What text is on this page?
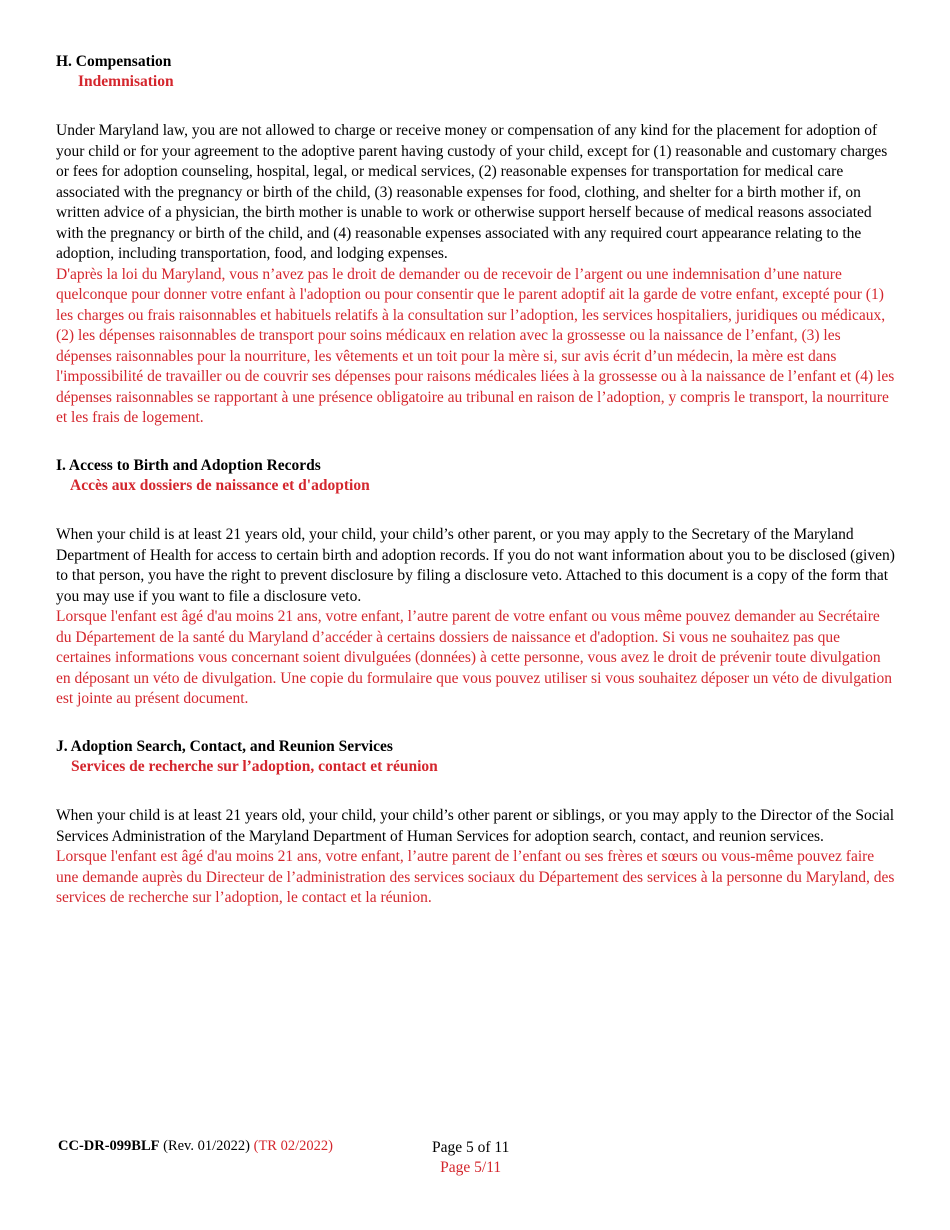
H. Compensation

Indemnisation

Under Maryland law, you are not allowed to charge or receive money or compensation of any kind for the placement for adoption of your child or for your agreement to the adoptive parent having custody of your child, except for (1) reasonable and customary charges or fees for adoption counseling, hospital, legal, or medical services, (2) reasonable expenses for transportation for medical care associated with the pregnancy or birth of the child, (3) reasonable expenses for food, clothing, and shelter for a birth mother if, on written advice of a physician, the birth mother is unable to work or otherwise support herself because of medical reasons associated with the pregnancy or birth of the child, and (4) reasonable expenses associated with any required court appearance relating to the adoption, including transportation, food, and lodging expenses.

D'après la loi du Maryland, vous n’avez pas le droit de demander ou de recevoir de l’argent ou une indemnisation d’une nature quelconque pour donner votre enfant à l'adoption ou pour consentir que le parent adoptif ait la garde de votre enfant, excepté pour (1) les charges ou frais raisonnables et habituels relatifs à la consultation sur l’adoption, les services hospitaliers, juridiques ou médicaux,(2) les dépenses raisonnables de transport pour soins médicaux en relation avec la grossesse ou la naissance de l’enfant, (3) les dépenses raisonnables pour la nourriture, les vêtements et un toit pour la mère si, sur avis écrit d’un médecin, la mère est dans l'impossibilité de travailler ou de couvrir ses dépenses pour raisons médicales liées à la grossesse ou à la naissance de l’enfant et (4) les dépenses raisonnables se rapportant à une présence obligatoire au tribunal en raison de l’adoption, y compris le transport, la nourriture et les frais de logement.

I. Access to Birth and Adoption Records

Accès aux dossiers de naissance et d'adoption

When your child is at least 21 years old, your child, your child’s other parent, or you may apply to the Secretary of the Maryland Department of Health for access to certain birth and adoption records. If you do not want information about you to be disclosed (given) to that person, you have the right to prevent disclosure by filing a disclosure veto. Attached to this document is a copy of the form that you may use if you want to file a disclosure veto.

Lorsque l'enfant est âgé d'au moins 21 ans, votre enfant, l’autre parent de votre enfant ou vous même pouvez demander au Secrétaire du Département de la santé du Maryland d’accéder à certains dossiers de naissance et d'adoption. Si vous ne souhaitez pas que certaines informations vous concernant soient divulguées (données) à cette personne, vous avez le droit de prévenir toute divulgation en déposant un véto de divulgation. Une copie du formulaire que vous pouvez utiliser si vous souhaitez déposer un véto de divulgation est jointe au présent document.

J. Adoption Search, Contact, and Reunion Services

Services de recherche sur l’adoption, contact et réunion

When your child is at least 21 years old, your child, your child’s other parent or siblings, or you may apply to the Director of the Social Services Administration of the Maryland Department of Human Services for adoption search, contact, and reunion services.

Lorsque l'enfant est âgé d'au moins 21 ans, votre enfant, l’autre parent de l’enfant ou ses frères et sœurs ou vous-même pouvez faire une demande auprès du Directeur de l’administration des services sociaux du Département des services à la personne du Maryland, des services de recherche sur l’adoption, le contact et la réunion.

CC-DR-099BLF (Rev. 01/2022) (TR 02/2022)	Page 5 of 11
Page 5/11
